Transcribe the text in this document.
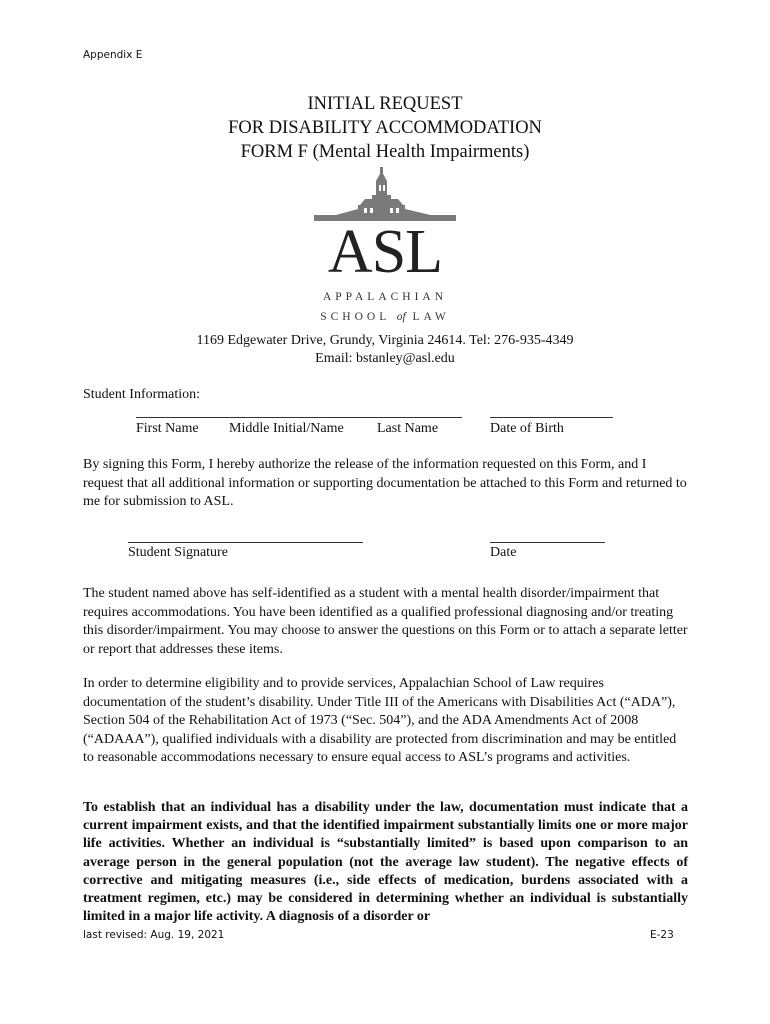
Appendix E
INITIAL REQUEST
FOR DISABILITY ACCOMMODATION
FORM F (Mental Health Impairments)
ASL
APPALACHIAN
SCHOOL of LAW
1169 Edgewater Drive, Grundy, Virginia 24614. Tel: 276-935-4349
Email: bstanley@asl.edu
Student Information:
First Name Middle Initial/Name Last Name	Date of Birth
By signing this Form, I hereby authorize the release of the information requested on this Form, and I request that all additional information or supporting documentation be attached to this Form and returned to me for submission to ASL.
Student Signature	Date
The student named above has self-identified as a student with a mental health disorder/impairment that requires accommodations. You have been identified as a qualified professional diagnosing and/or treating this disorder/impairment. You may choose to answer the questions on this Form or to attach a separate letter or report that addresses these items.
In order to determine eligibility and to provide services, Appalachian School of Law requires documentation of the student’s disability. Under Title III of the Americans with Disabilities Act (“ADA”), Section 504 of the Rehabilitation Act of 1973 (“Sec. 504”), and the ADA Amendments Act of 2008 (“ADAAA”), qualified individuals with a disability are protected from discrimination and may be entitled to reasonable accommodations necessary to ensure equal access to ASL’s programs and activities.
To establish that an individual has a disability under the law, documentation must indicate that a current impairment exists, and that the identified impairment substantially limits one or more major life activities. Whether an individual is “substantially limited” is based upon comparison to an average person in the general population (not the average law student). The negative effects of corrective and mitigating measures (i.e., side effects of medication, burdens associated with a treatment regimen, etc.) may be considered in determining whether an individual is substantially limited in a major life activity. A diagnosis of a disorder or
last revised: Aug. 19, 2021	E-23
